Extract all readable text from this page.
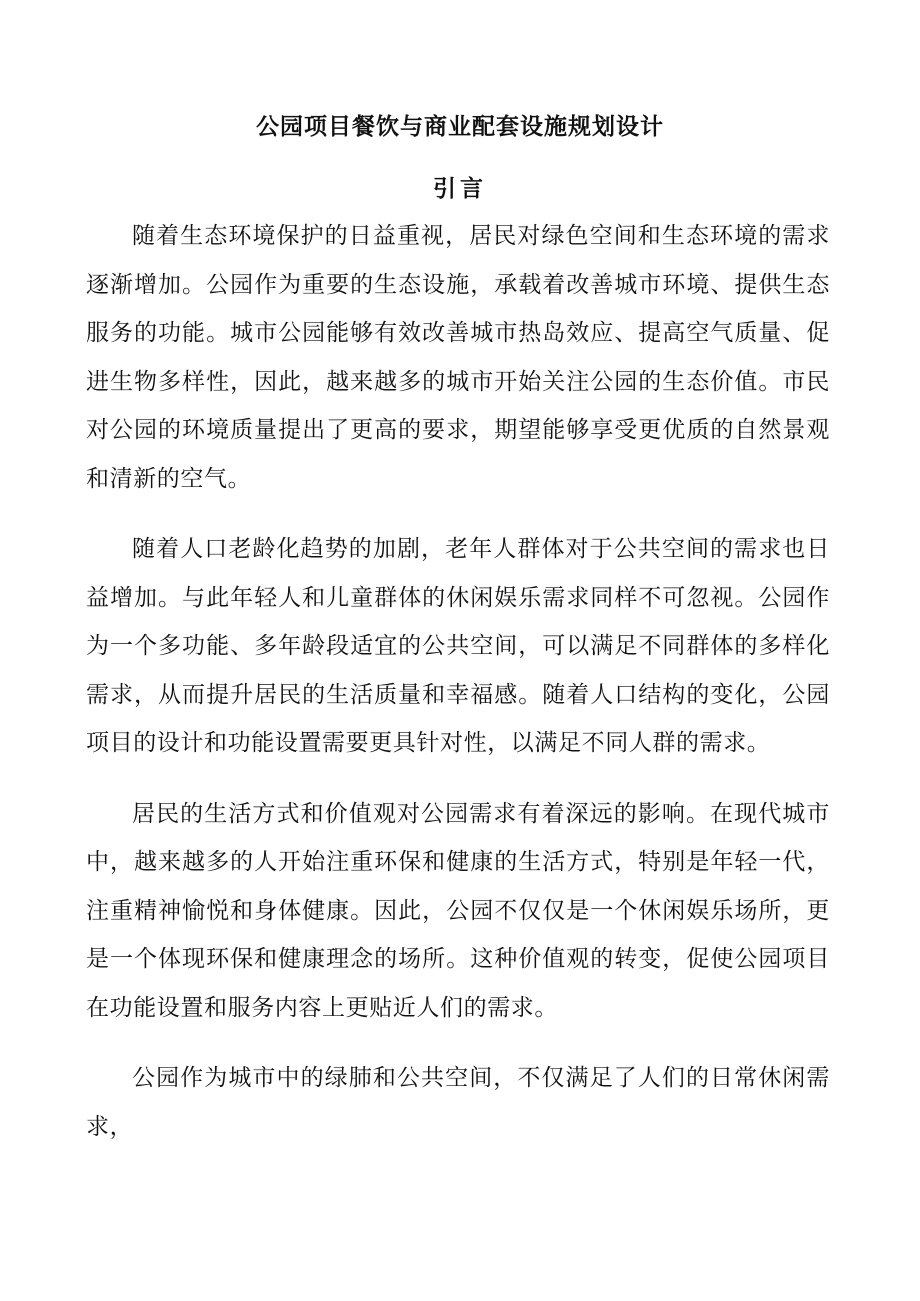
公园项目餐饮与商业配套设施规划设计
引言

随着生态环境保护的日益重视，居民对绿色空间和生态环境的需求逐渐增加。公园作为重要的生态设施，承载着改善城市环境、提供生态服务的功能。城市公园能够有效改善城市热岛效应、提高空气质量、促进生物多样性，因此，越来越多的城市开始关注公园的生态价值。市民对公园的环境质量提出了更高的要求，期望能够享受更优质的自然景观和清新的空气。

随着人口老龄化趋势的加剧，老年人群体对于公共空间的需求也日益增加。与此年轻人和儿童群体的休闲娱乐需求同样不可忽视。公园作为一个多功能、多年龄段适宜的公共空间，可以满足不同群体的多样化需求，从而提升居民的生活质量和幸福感。随着人口结构的变化，公园项目的设计和功能设置需要更具针对性，以满足不同人群的需求。

居民的生活方式和价值观对公园需求有着深远的影响。在现代城市中，越来越多的人开始注重环保和健康的生活方式，特别是年轻一代，注重精神愉悦和身体健康。因此，公园不仅仅是一个休闲娱乐场所，更是一个体现环保和健康理念的场所。这种价值观的转变，促使公园项目在功能设置和服务内容上更贴近人们的需求。

公园作为城市中的绿肺和公共空间，不仅满足了人们的日常休闲需求，
